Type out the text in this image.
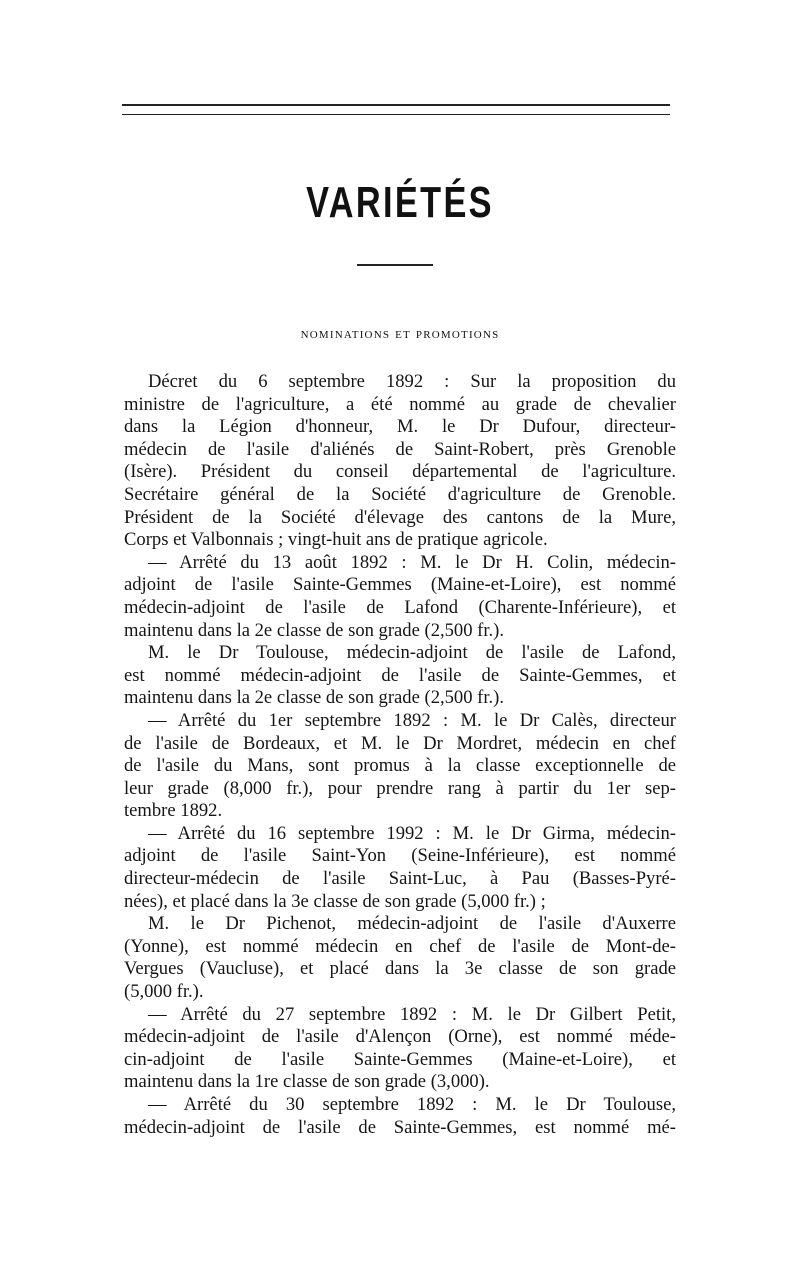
VARIÉTÉS
nominations et promotions
Décret du 6 septembre 1892 : Sur la proposition du
ministre de l'agriculture, a été nommé au grade de chevalier
dans la Légion d'honneur, M. le Dr Dufour, directeur-
médecin de l'asile d'aliénés de Saint-Robert, près Grenoble
(Isère). Président du conseil départemental de l'agriculture.
Secrétaire général de la Société d'agriculture de Grenoble.
Président de la Société d'élevage des cantons de la Mure,
Corps et Valbonnais ; vingt-huit ans de pratique agricole.
— Arrêté du 13 août 1892 : M. le Dr H. Colin, médecin-
adjoint de l'asile Sainte-Gemmes (Maine-et-Loire), est nommé
médecin-adjoint de l'asile de Lafond (Charente-Inférieure), et
maintenu dans la 2e classe de son grade (2,500 fr.).
M. le Dr Toulouse, médecin-adjoint de l'asile de Lafond,
est nommé médecin-adjoint de l'asile de Sainte-Gemmes, et
maintenu dans la 2e classe de son grade (2,500 fr.).
— Arrêté du 1er septembre 1892 : M. le Dr Calès, directeur
de l'asile de Bordeaux, et M. le Dr Mordret, médecin en chef
de l'asile du Mans, sont promus à la classe exceptionnelle de
leur grade (8,000 fr.), pour prendre rang à partir du 1er sep-
tembre 1892.
— Arrêté du 16 septembre 1992 : M. le Dr Girma, médecin-
adjoint de l'asile Saint-Yon (Seine-Inférieure), est nommé
directeur-médecin de l'asile Saint-Luc, à Pau (Basses-Pyré-
nées), et placé dans la 3e classe de son grade (5,000 fr.) ;
M. le Dr Pichenot, médecin-adjoint de l'asile d'Auxerre
(Yonne), est nommé médecin en chef de l'asile de Mont-de-
Vergues (Vaucluse), et placé dans la 3e classe de son grade
(5,000 fr.).
— Arrêté du 27 septembre 1892 : M. le Dr Gilbert Petit,
médecin-adjoint de l'asile d'Alençon (Orne), est nommé méde-
cin-adjoint de l'asile Sainte-Gemmes (Maine-et-Loire), et
maintenu dans la 1re classe de son grade (3,000).
— Arrêté du 30 septembre 1892 : M. le Dr Toulouse,
médecin-adjoint de l'asile de Sainte-Gemmes, est nommé mé-
